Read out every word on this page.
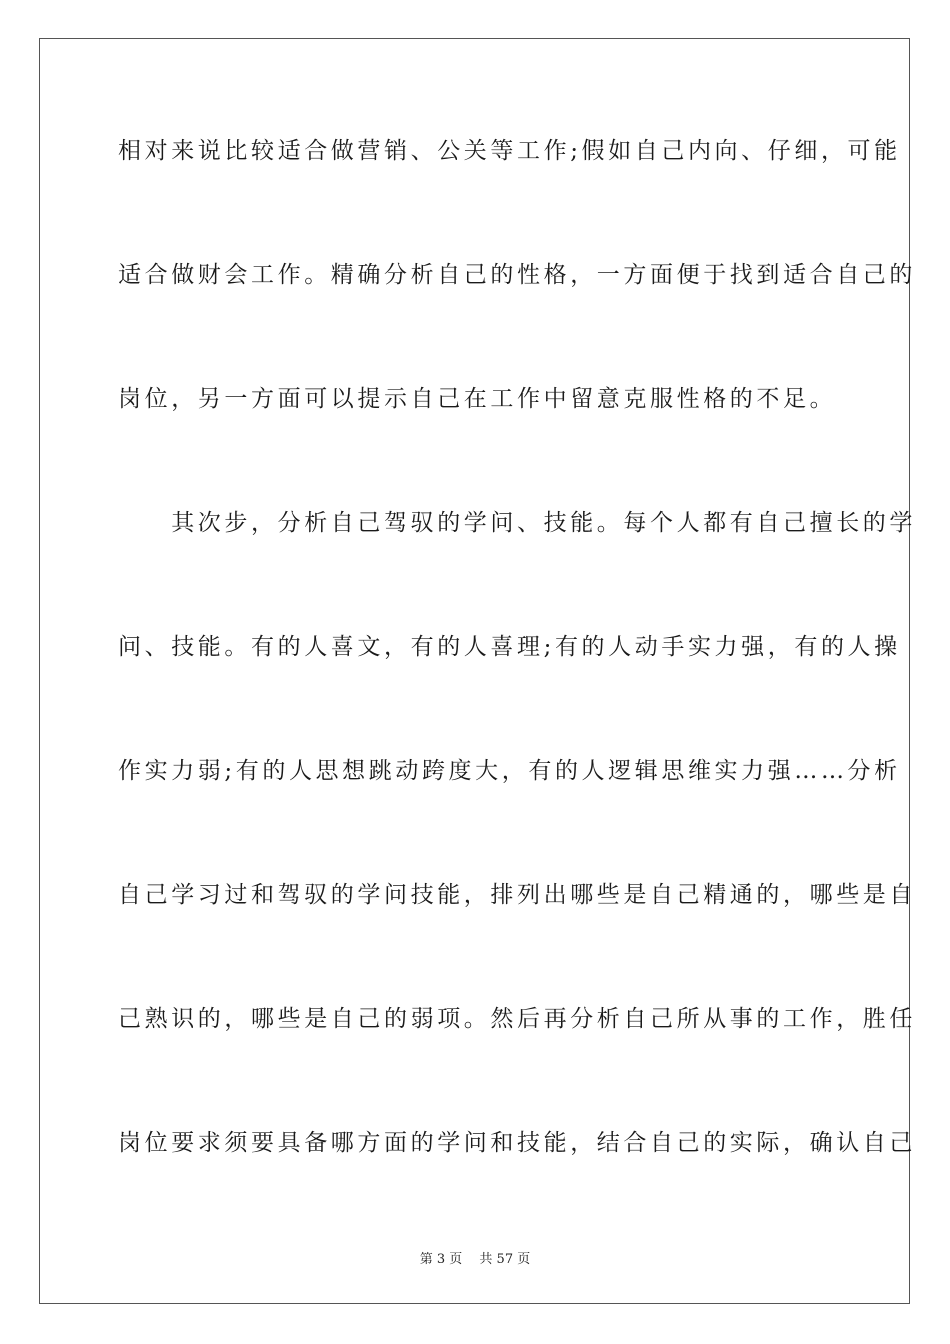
相对来说比较适合做营销、公关等工作;假如自己内向、仔细，可能
适合做财会工作。精确分析自己的性格，一方面便于找到适合自己的
岗位，另一方面可以提示自己在工作中留意克服性格的不足。
　　其次步，分析自己驾驭的学问、技能。每个人都有自己擅长的学
问、技能。有的人喜文，有的人喜理;有的人动手实力强，有的人操
作实力弱;有的人思想跳动跨度大，有的人逻辑思维实力强……分析
自己学习过和驾驭的学问技能，排列出哪些是自己精通的，哪些是自
己熟识的，哪些是自己的弱项。然后再分析自己所从事的工作，胜任
岗位要求须要具备哪方面的学问和技能，结合自己的实际，确认自己
第 3 页　 共 57 页
